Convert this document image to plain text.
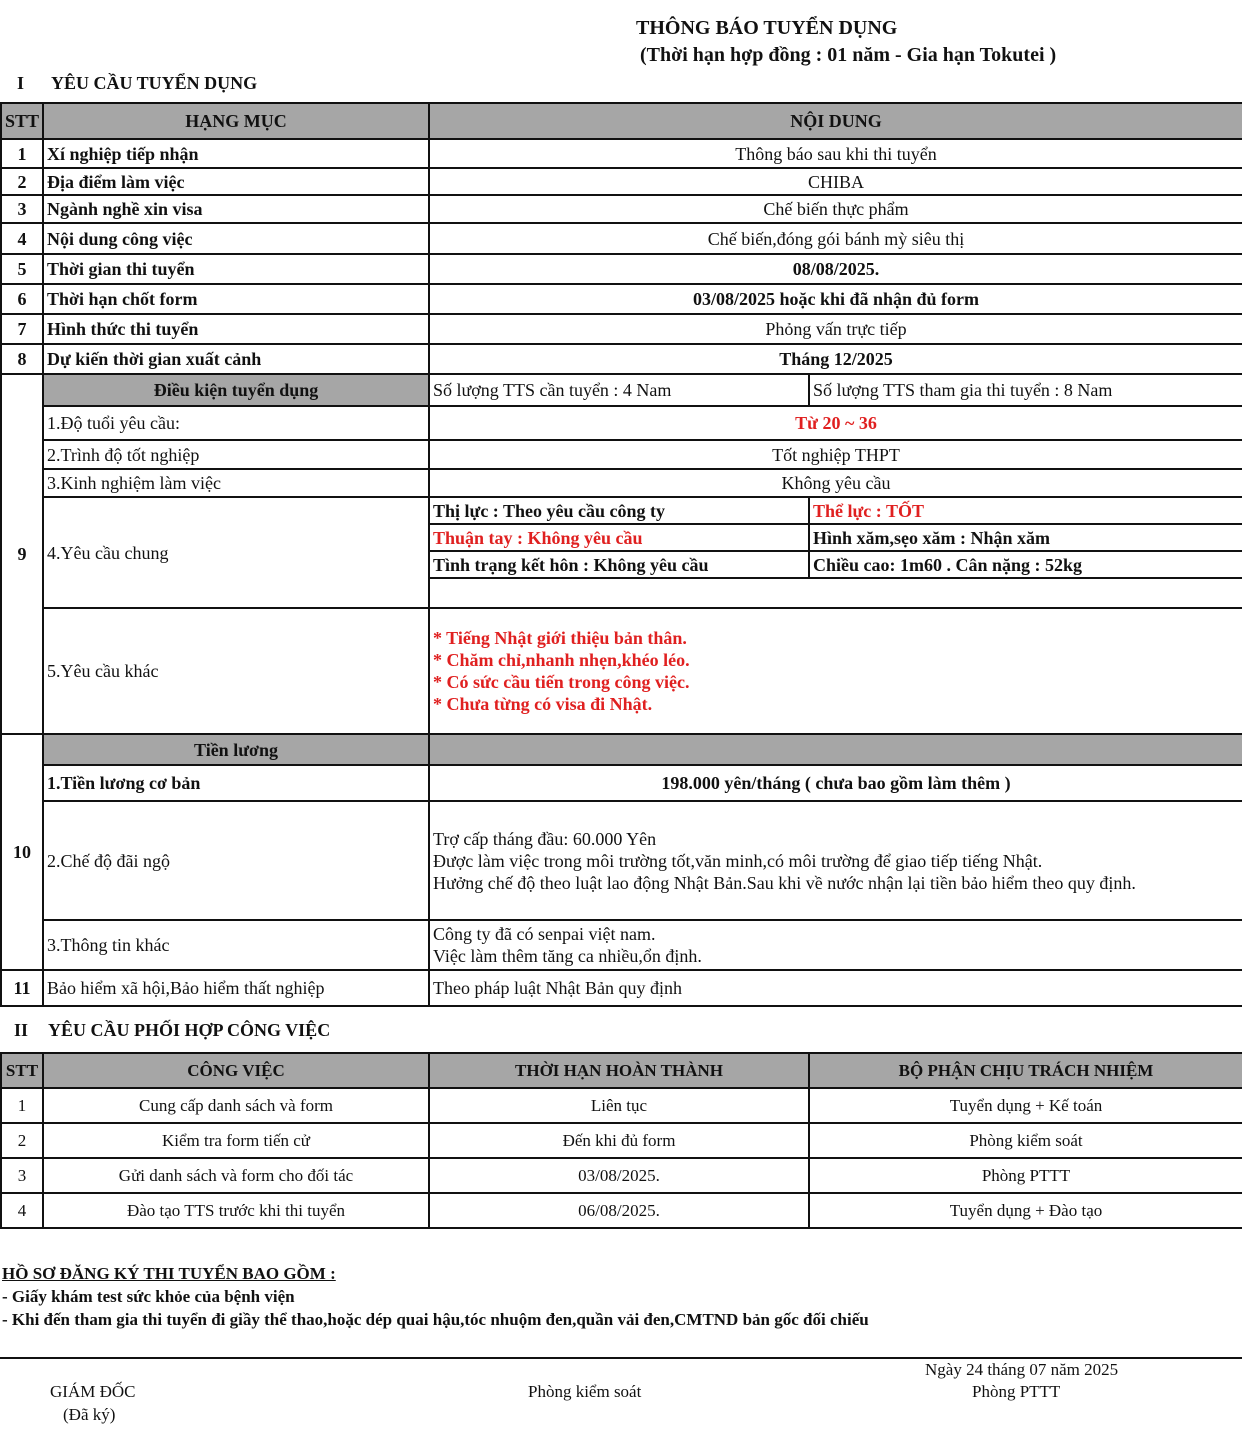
THÔNG BÁO TUYỂN DỤNG
(Thời hạn hợp đồng : 01 năm - Gia hạn Tokutei )
I YÊU CẦU TUYỂN DỤNG
STT	HẠNG MỤC	NỘI DUNG	
1	Xí nghiệp tiếp nhận	Thông báo sau khi thi tuyển	
2	Địa điểm làm việc	CHIBA	
3	Ngành nghề xin visa	Chế biến thực phẩm	
4	Nội dung công việc	Chế biến,đóng gói bánh mỳ siêu thị	
5	Thời gian thi tuyển	08/08/2025.	
6	Thời hạn chốt form	03/08/2025 hoặc khi đã nhận đủ form	
7	Hình thức thi tuyển	Phỏng vấn trực tiếp	
8	Dự kiến thời gian xuất cảnh	Tháng 12/2025	
9	Điều kiện tuyển dụng	Số lượng TTS cần tuyển : 4 Nam	Số lượng TTS tham gia thi tuyển : 8 Nam
	1.Độ tuổi yêu cầu:	Từ 20 ~ 36	
	2.Trình độ tốt nghiệp	Tốt nghiệp THPT	
	3.Kinh nghiệm làm việc	Không yêu cầu	
	4.Yêu cầu chung	Thị lực : Theo yêu cầu công ty	Thể lực : TỐT
		Thuận tay : Không yêu cầu	Hình xăm,sẹo xăm : Nhận xăm
		Tình trạng kết hôn : Không yêu cầu	Chiều cao: 1m60 . Cân nặng : 52kg

	5.Yêu cầu khác	* Tiếng Nhật giới thiệu bản thân.
* Chăm chỉ,nhanh nhẹn,khéo léo.
* Có sức cầu tiến trong công việc.
* Chưa từng có visa đi Nhật.	

10	Tiền lương		
	1.Tiền lương cơ bản	198.000 yên/tháng ( chưa bao gồm làm thêm )	
	2.Chế độ đãi ngộ	Trợ cấp tháng đầu: 60.000 Yên
Được làm việc trong môi trường tốt,văn minh,có môi trường để giao tiếp tiếng Nhật.
Hưởng chế độ theo luật lao động Nhật Bản.Sau khi về nước nhận lại tiền bảo hiểm theo quy định.	

	3.Thông tin khác	Công ty đã có senpai việt nam.
Việc làm thêm tăng ca nhiều,ổn định.	

11	Bảo hiểm xã hội,Bảo hiểm thất nghiệp	Theo pháp luật Nhật Bản quy định	
II YÊU CẦU PHỐI HỢP CÔNG VIỆC
STT	CÔNG VIỆC	THỜI HẠN HOÀN THÀNH	BỘ PHẬN CHỊU TRÁCH NHIỆM
1	Cung cấp danh sách và form	Liên tục	Tuyển dụng + Kế toán
2	Kiểm tra form tiến cử	Đến khi đủ form	Phòng kiểm soát
3	Gửi danh sách và form cho đối tác	03/08/2025.	Phòng PTTT
4	Đào tạo TTS trước khi thi tuyển	06/08/2025.	Tuyển dụng + Đào tạo
HỒ SƠ ĐĂNG KÝ THI TUYỂN BAO GỒM :
- Giấy khám test sức khỏe của bệnh viện
- Khi đến tham gia thi tuyển đi giầy thể thao,hoặc dép quai hậu,tóc nhuộm đen,quần vải đen,CMTND bản gốc đối chiếu
Ngày 24 tháng 07 năm 2025
GIÁM ĐỐC
(Đã ký)
Phòng kiểm soát	Phòng PTTT
